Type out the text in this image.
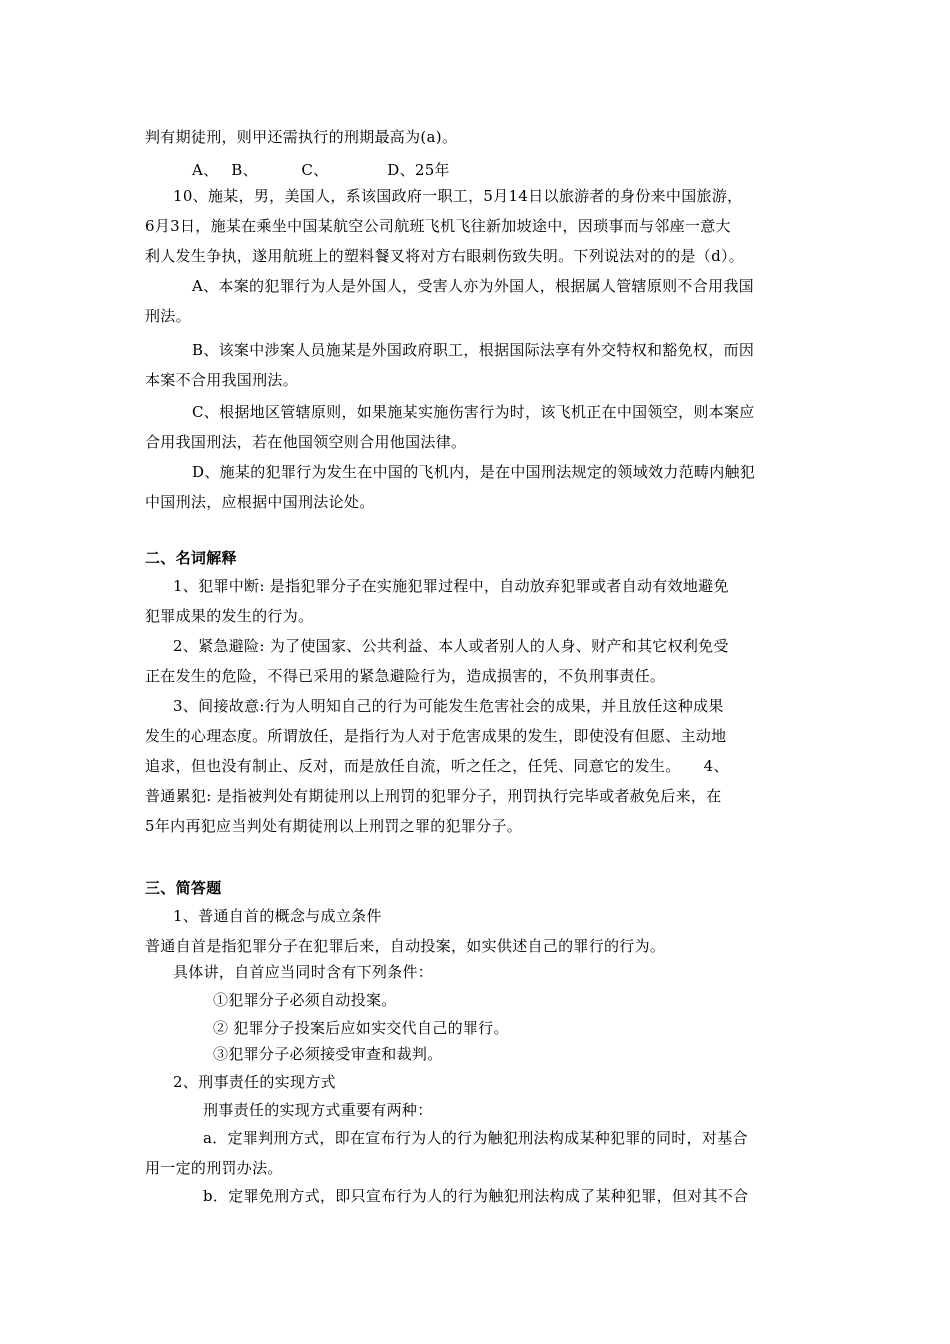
判有期徒刑，则甲还需执行的刑期最高为(a)。
A、　 B、　　　 C、　　　　 D、25年
10、施某，男，美国人，系该国政府一职工，5月14日以旅游者的身份来中国旅游，
6月3日，施某在乘坐中国某航空公司航班飞机飞往新加坡途中，因琐事而与邻座一意大
利人发生争执，遂用航班上的塑料餐叉将对方右眼刺伤致失明。下列说法对的的是（d）。
A、本案的犯罪行为人是外国人，受害人亦为外国人，根据属人管辖原则不合用我国
刑法。
B、该案中涉案人员施某是外国政府职工，根据国际法享有外交特权和豁免权，而因
本案不合用我国刑法。
C、根据地区管辖原则，如果施某实施伤害行为时，该飞机正在中国领空，则本案应
合用我国刑法，若在他国领空则合用他国法律。
D、施某的犯罪行为发生在中国的飞机内，是在中国刑法规定的领域效力范畴内触犯
中国刑法，应根据中国刑法论处。
二、名词解释
1、犯罪中断: 是指犯罪分子在实施犯罪过程中，自动放弃犯罪或者自动有效地避免
犯罪成果的发生的行为。
2、紧急避险: 为了使国家、公共利益、本人或者别人的人身、财产和其它权利免受
正在发生的危险，不得已采用的紧急避险行为，造成损害的，不负刑事责任。
3、间接故意:行为人明知自己的行为可能发生危害社会的成果，并且放任这种成果
发生的心理态度。所谓放任，是指行为人对于危害成果的发生，即使没有但愿、主动地
追求，但也没有制止、反对，而是放任自流，听之任之，任凭、同意它的发生。　　4、
普通累犯: 是指被判处有期徒刑以上刑罚的犯罪分子，刑罚执行完毕或者赦免后来，在
5年内再犯应当判处有期徒刑以上刑罚之罪的犯罪分子。
三、简答题
1、普通自首的概念与成立条件
普通自首是指犯罪分子在犯罪后来，自动投案，如实供述自己的罪行的行为。
具体讲，自首应当同时含有下列条件：
①犯罪分子必须自动投案。
② 犯罪分子投案后应如实交代自己的罪行。
③犯罪分子必须接受审查和裁判。
2、刑事责任的实现方式
刑事责任的实现方式重要有两种：
a．定罪判刑方式，即在宣布行为人的行为触犯刑法构成某种犯罪的同时，对基合
用一定的刑罚办法。
b．定罪免刑方式，即只宣布行为人的行为触犯刑法构成了某种犯罪，但对其不合
